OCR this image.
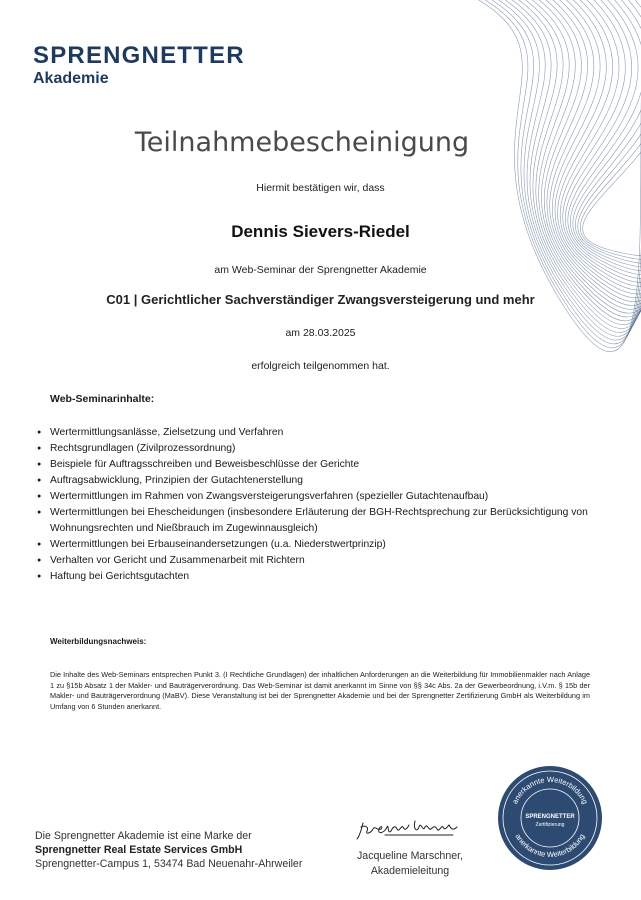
SPRENGNETTER
Akademie
Teilnahmebescheinigung
Hiermit bestätigen wir, dass
Dennis Sievers-Riedel
am Web-Seminar der Sprengnetter Akademie
C01 | Gerichtlicher Sachverständiger Zwangsversteigerung und mehr
am 28.03.2025
erfolgreich teilgenommen hat.
Web-Seminarinhalte:
● Wertermittlungsanlässe, Zielsetzung und Verfahren
● Rechtsgrundlagen (Zivilprozessordnung)
● Beispiele für Auftragsschreiben und Beweisbeschlüsse der Gerichte
● Auftragsabwicklung, Prinzipien der Gutachtenerstellung
● Wertermittlungen im Rahmen von Zwangsversteigerungsverfahren (spezieller Gutachtenaufbau)
● Wertermittlungen bei Ehescheidungen (insbesondere Erläuterung der BGH-Rechtsprechung zur Berücksichtigung von Wohnungsrechten und Nießbrauch im Zugewinnausgleich)
● Wertermittlungen bei Erbauseinandersetzungen (u.a. Niederstwertprinzip)
● Verhalten vor Gericht und Zusammenarbeit mit Richtern
● Haftung bei Gerichtsgutachten
Weiterbildungsnachweis:
Die Inhalte des Web-Seminars entsprechen Punkt 3. (I Rechtliche Grundlagen) der inhaltlichen Anforderungen an die Weiterbildung für Immobilienmakler nach Anlage 1 zu §15b Absatz 1 der Makler- und Bauträgerverordnung. Das Web-Seminar ist damit anerkannt im Sinne von §§ 34c Abs. 2a der Gewerbeordnung, i.V.m. § 15b der Makler- und Bauträgerverordnung (MaBV). Diese Veranstaltung ist bei der Sprengnetter Akademie und bei der Sprengnetter Zertifizierung GmbH als Weiterbildung im Umfang von 6 Stunden anerkannt.
Die Sprengnetter Akademie ist eine Marke der
Sprengnetter Real Estate Services GmbH
Sprengnetter-Campus 1, 53474 Bad Neuenahr-Ahrweiler
Jacqueline Marschner,
Akademieleitung
anerkannte Weiterbildung
anerkannte Weiterbildung
SPRENGNETTER
Zertifizierung
